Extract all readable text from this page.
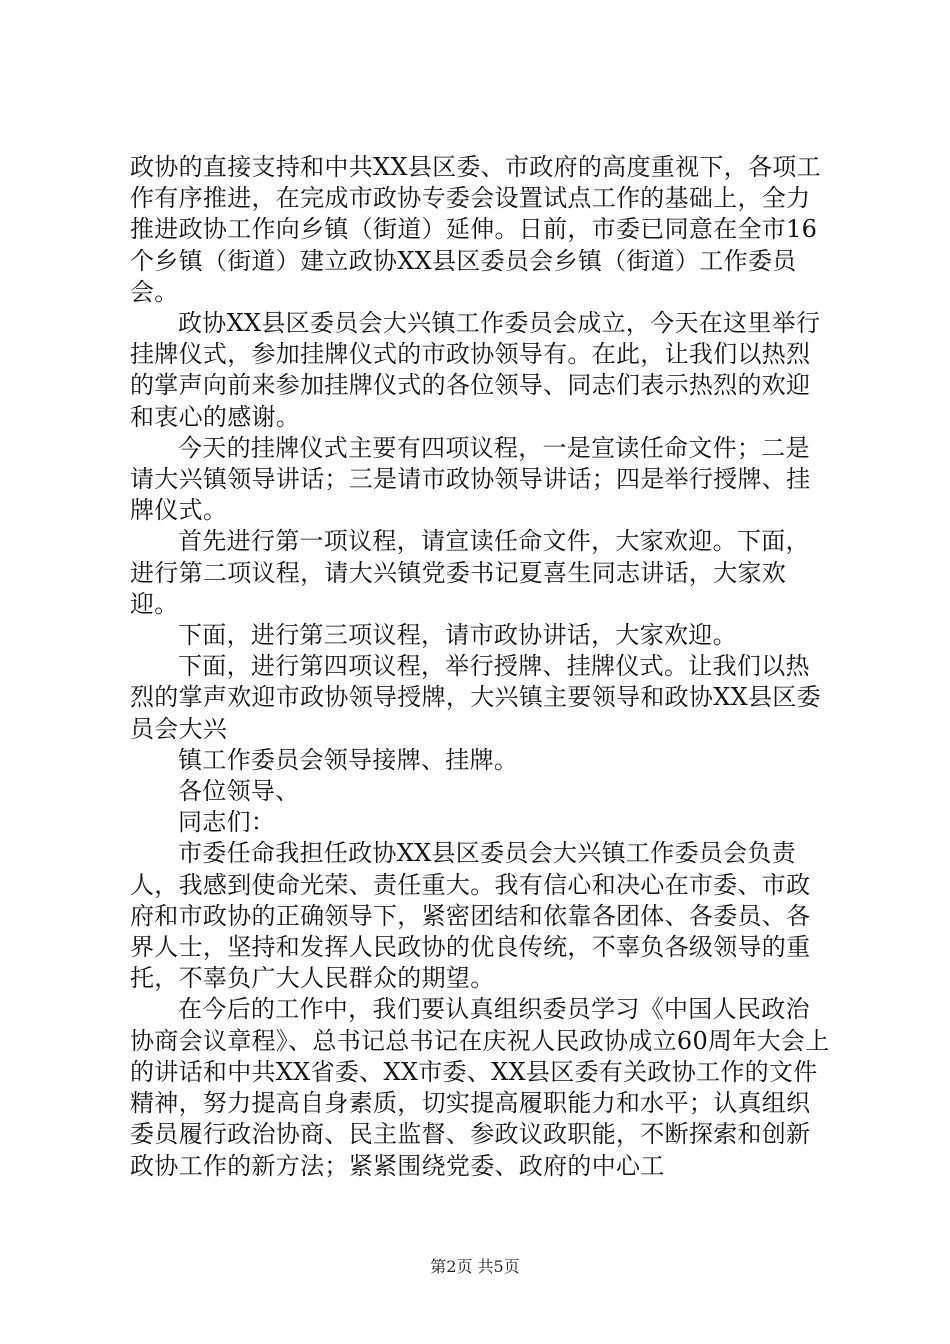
政协的直接支持和中共XX县区委、市政府的高度重视下，各项工作有序推进，在完成市政协专委会设置试点工作的基础上，全力推进政协工作向乡镇（街道）延伸。日前，市委已同意在全市16个乡镇（街道）建立政协XX县区委员会乡镇（街道）工作委员会。

政协XX县区委员会大兴镇工作委员会成立，今天在这里举行挂牌仪式，参加挂牌仪式的市政协领导有。在此，让我们以热烈的掌声向前来参加挂牌仪式的各位领导、同志们表示热烈的欢迎和衷心的感谢。

今天的挂牌仪式主要有四项议程，一是宣读任命文件；二是请大兴镇领导讲话；三是请市政协领导讲话；四是举行授牌、挂牌仪式。

首先进行第一项议程，请宣读任命文件，大家欢迎。下面，进行第二项议程，请大兴镇党委书记夏喜生同志讲话，大家欢迎。

下面，进行第三项议程，请市政协讲话，大家欢迎。

下面，进行第四项议程，举行授牌、挂牌仪式。让我们以热烈的掌声欢迎市政协领导授牌，大兴镇主要领导和政协XX县区委员会大兴

镇工作委员会领导接牌、挂牌。

各位领导、

同志们：

市委任命我担任政协XX县区委员会大兴镇工作委员会负责人，我感到使命光荣、责任重大。我有信心和决心在市委、市政府和市政协的正确领导下，紧密团结和依靠各团体、各委员、各界人士，坚持和发挥人民政协的优良传统，不辜负各级领导的重托，不辜负广大人民群众的期望。

在今后的工作中，我们要认真组织委员学习《中国人民政治协商会议章程》、总书记总书记在庆祝人民政协成立60周年大会上的讲话和中共XX省委、XX市委、XX县区委有关政协工作的文件精神，努力提高自身素质，切实提高履职能力和水平；认真组织委员履行政治协商、民主监督、参政议政职能，不断探索和创新政协工作的新方法；紧紧围绕党委、政府的中心工

第2页 共5页
